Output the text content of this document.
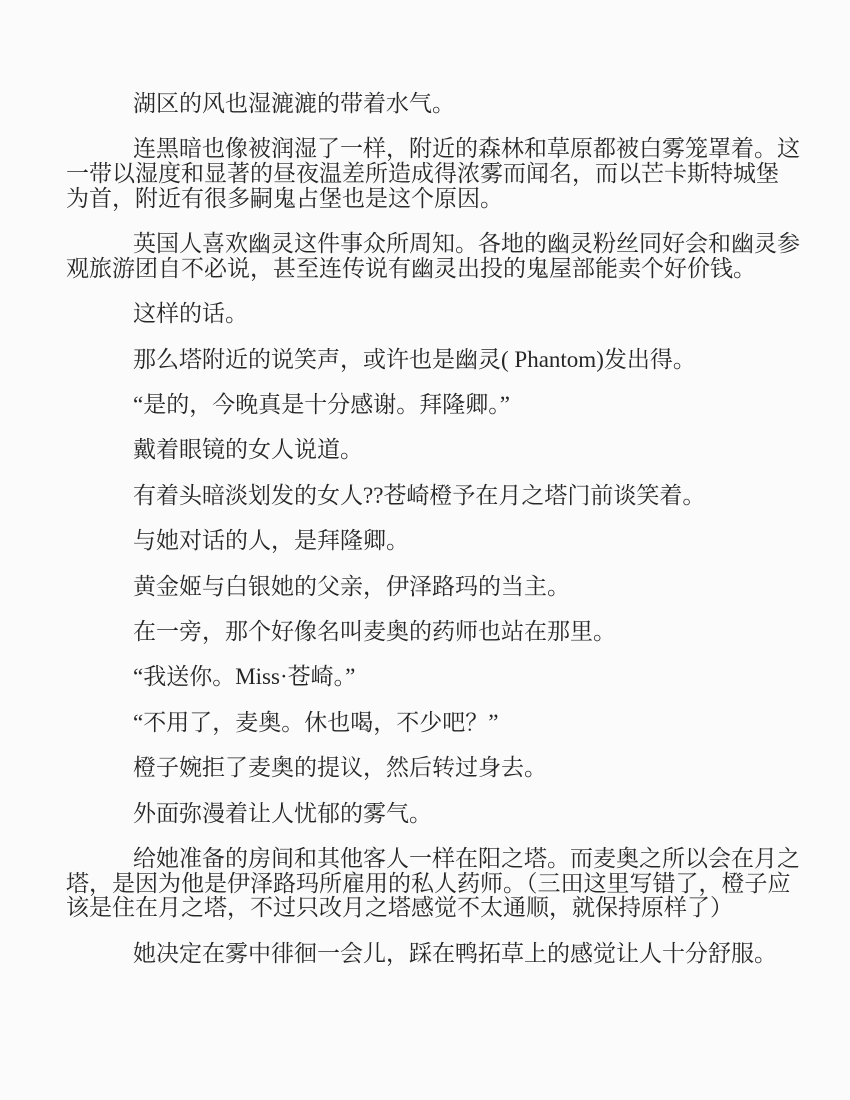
湖区的风也湿漉漉的带着水气。

连黑暗也像被润湿了一样，附近的森林和草原都被白雾笼罩着。这一带以湿度和显著的昼夜温差所造成得浓雾而闻名，而以芒卡斯特城堡为首，附近有很多嗣鬼占堡也是这个原因。

英国人喜欢幽灵这件事众所周知。各地的幽灵粉丝同好会和幽灵参观旅游团自不必说，甚至连传说有幽灵出投的鬼屋部能卖个好价钱。

这样的话。

那么塔附近的说笑声，或许也是幽灵( Phantom)发出得。

“是的，今晚真是十分感谢。拜隆卿。”

戴着眼镜的女人说道。

有着头暗淡划发的女人??苍崎橙予在月之塔门前谈笑着。

与她对话的人，是拜隆卿。

黄金姬与白银她的父亲，伊泽路玛的当主。

在一旁，那个好像名叫麦奥的药师也站在那里。

“我送你。Miss·苍崎。”

“不用了，麦奥。休也喝，不少吧？”

橙子婉拒了麦奥的提议，然后转过身去。

外面弥漫着让人忧郁的雾气。

给她准备的房间和其他客人一样在阳之塔。而麦奥之所以会在月之塔，是因为他是伊泽路玛所雇用的私人药师。（三田这里写错了，橙子应该是住在月之塔，不过只改月之塔感觉不太通顺，就保持原样了）

她决定在雾中徘徊一会儿，踩在鸭拓草上的感觉让人十分舒服。
